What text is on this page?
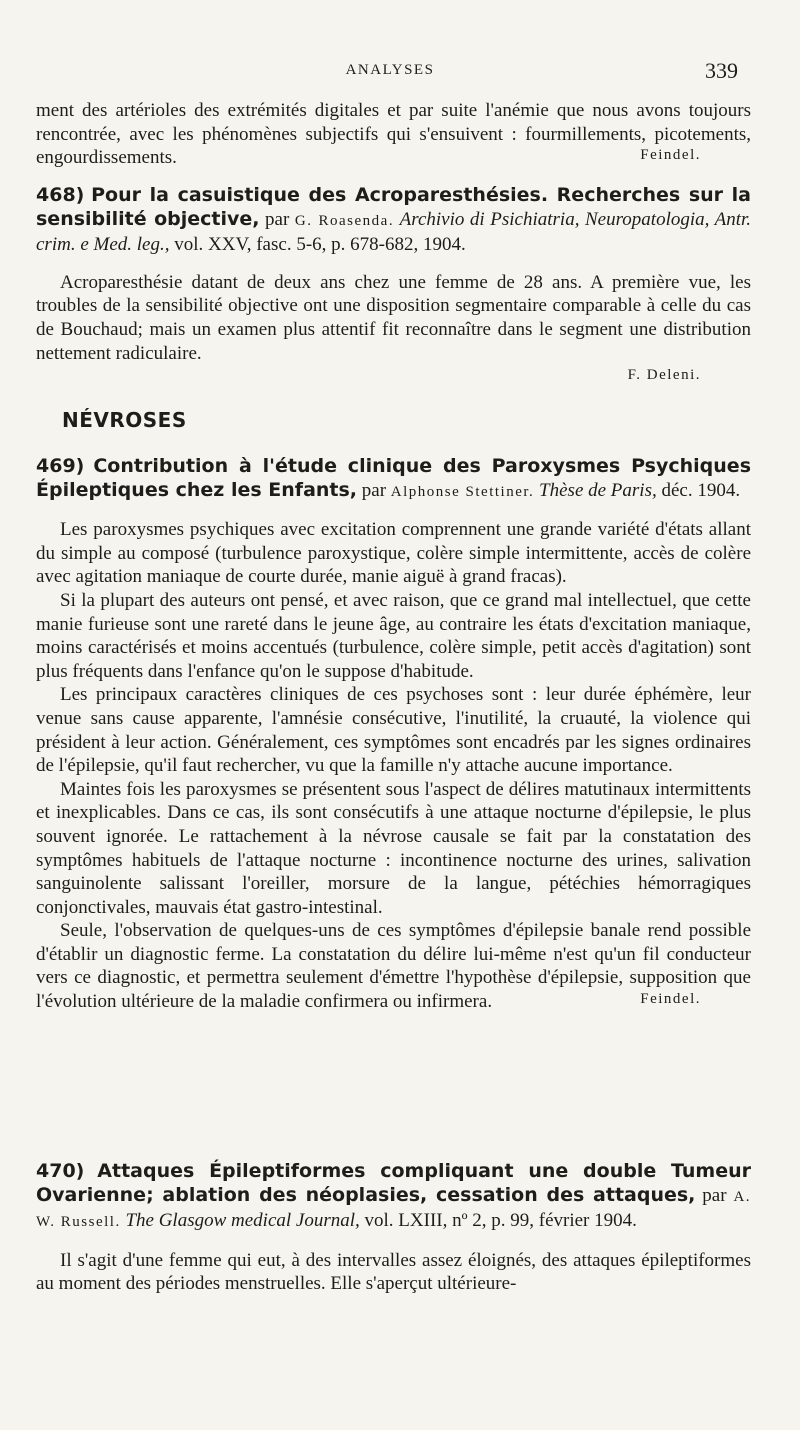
ANALYSES	339

ment des artérioles des extrémités digitales et par suite l'anémie que nous avons toujours rencontrée, avec les phénomènes subjectifs qui s'ensuivent : fourmillements, picotements, engourdissements.	Feindel.

468) Pour la casuistique des Acroparesthésies. Recherches sur la sensibilité objective, par G. Roasenda. Archivio di Psichiatria, Neuropatologia, Antr. crim. e Med. leg., vol. XXV, fasc. 5-6, p. 678-682, 1904.

Acroparesthésie datant de deux ans chez une femme de 28 ans. A première vue, les troubles de la sensibilité objective ont une disposition segmentaire comparable à celle du cas de Bouchaud; mais un examen plus attentif fit reconnaître dans le segment une distribution nettement radiculaire.

F. Deleni.
NÉVROSES

469) Contribution à l'étude clinique des Paroxysmes Psychiques Épileptiques chez les Enfants, par Alphonse Stettiner. Thèse de Paris, déc. 1904.

Les paroxysmes psychiques avec excitation comprennent une grande variété d'états allant du simple au composé (turbulence paroxystique, colère simple intermittente, accès de colère avec agitation maniaque de courte durée, manie aiguë à grand fracas).

Si la plupart des auteurs ont pensé, et avec raison, que ce grand mal intellectuel, que cette manie furieuse sont une rareté dans le jeune âge, au contraire les états d'excitation maniaque, moins caractérisés et moins accentués (turbulence, colère simple, petit accès d'agitation) sont plus fréquents dans l'enfance qu'on le suppose d'habitude.

Les principaux caractères cliniques de ces psychoses sont : leur durée éphémère, leur venue sans cause apparente, l'amnésie consécutive, l'inutilité, la cruauté, la violence qui président à leur action. Généralement, ces symptômes sont encadrés par les signes ordinaires de l'épilepsie, qu'il faut rechercher, vu que la famille n'y attache aucune importance.

Maintes fois les paroxysmes se présentent sous l'aspect de délires matutinaux intermittents et inexplicables. Dans ce cas, ils sont consécutifs à une attaque nocturne d'épilepsie, le plus souvent ignorée. Le rattachement à la névrose causale se fait par la constatation des symptômes habituels de l'attaque nocturne : incontinence nocturne des urines, salivation sanguinolente salissant l'oreiller, morsure de la langue, pétéchies hémorragiques conjonctivales, mauvais état gastro-intestinal.

Seule, l'observation de quelques-uns de ces symptômes d'épilepsie banale rend possible d'établir un diagnostic ferme. La constatation du délire lui-même n'est qu'un fil conducteur vers ce diagnostic, et permettra seulement d'émettre l'hypothèse d'épilepsie, supposition que l'évolution ultérieure de la maladie confirmera ou infirmera.	Feindel.

470) Attaques Épileptiformes compliquant une double Tumeur Ovarienne; ablation des néoplasies, cessation des attaques, par A. W. Russell. The Glasgow medical Journal, vol. LXIII, nº 2, p. 99, février 1904.

Il s'agit d'une femme qui eut, à des intervalles assez éloignés, des attaques épileptiformes au moment des périodes menstruelles. Elle s'aperçut ultérieure-
